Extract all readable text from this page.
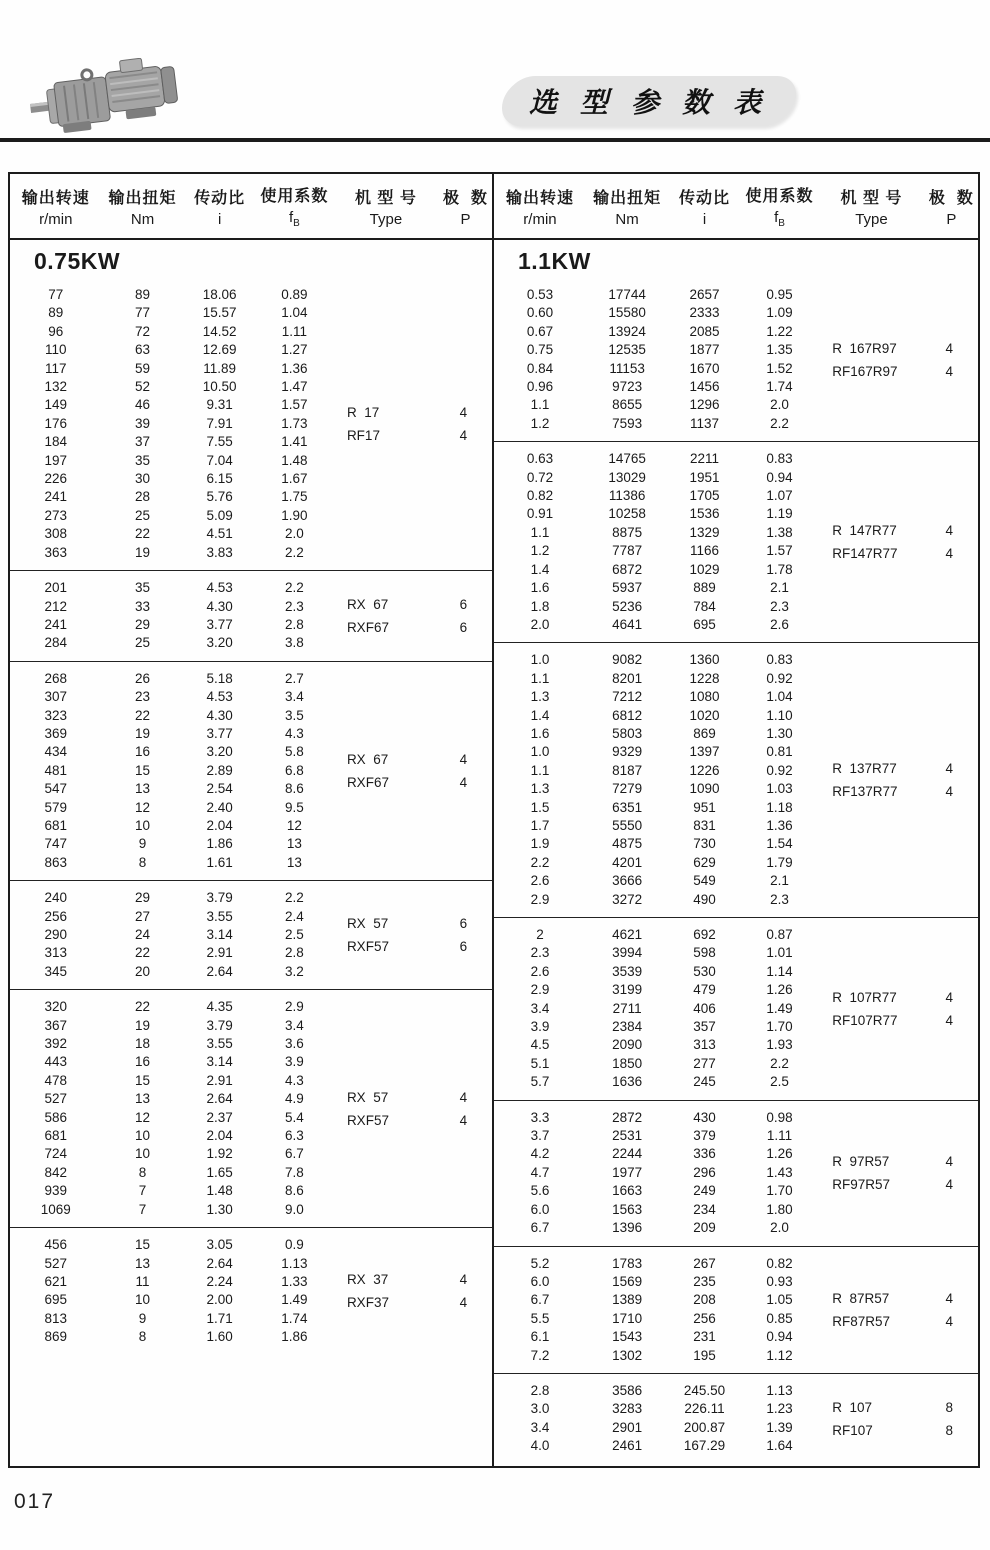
选 型 参 数 表
输出转速
r/min
输出扭矩
Nm
传动比
i
使用系数
$f_B$
机 型 号
Type
极  数
P
输出转速
r/min
输出扭矩
Nm
传动比
i
使用系数
$f_B$
机 型 号
Type
极  数
P
0.75KW
77	89	18.06	0.89
89	77	15.57	1.04
96	72	14.52	1.11
110	63	12.69	1.27
117	59	11.89	1.36
132	52	10.50	1.47
149	46	9.31	1.57
176	39	7.91	1.73
184	37	7.55	1.41
197	35	7.04	1.48
226	30	6.15	1.67
241	28	5.76	1.75
273	25	5.09	1.90
308	22	4.51	2.0
363	19	3.83	2.2
R  17	4
RF17	4
201	35	4.53	2.2
212	33	4.30	2.3
241	29	3.77	2.8
284	25	3.20	3.8
RX  67	6
RXF67	6
268	26	5.18	2.7
307	23	4.53	3.4
323	22	4.30	3.5
369	19	3.77	4.3
434	16	3.20	5.8
481	15	2.89	6.8
547	13	2.54	8.6
579	12	2.40	9.5
681	10	2.04	12
747	9	1.86	13
863	8	1.61	13
RX  67	4
RXF67	4
240	29	3.79	2.2
256	27	3.55	2.4
290	24	3.14	2.5
313	22	2.91	2.8
345	20	2.64	3.2
RX  57	6
RXF57	6
320	22	4.35	2.9
367	19	3.79	3.4
392	18	3.55	3.6
443	16	3.14	3.9
478	15	2.91	4.3
527	13	2.64	4.9
586	12	2.37	5.4
681	10	2.04	6.3
724	10	1.92	6.7
842	8	1.65	7.8
939	7	1.48	8.6
1069	7	1.30	9.0
RX  57	4
RXF57	4
456	15	3.05	0.9
527	13	2.64	1.13
621	11	2.24	1.33
695	10	2.00	1.49
813	9	1.71	1.74
869	8	1.60	1.86
RX  37	4
RXF37	4
1.1KW
0.53	17744	2657	0.95
0.60	15580	2333	1.09
0.67	13924	2085	1.22
0.75	12535	1877	1.35
0.84	11153	1670	1.52
0.96	9723	1456	1.74
1.1	8655	1296	2.0
1.2	7593	1137	2.2
R  167R97	4
RF167R97	4
0.63	14765	2211	0.83
0.72	13029	1951	0.94
0.82	11386	1705	1.07
0.91	10258	1536	1.19
1.1	8875	1329	1.38
1.2	7787	1166	1.57
1.4	6872	1029	1.78
1.6	5937	889	2.1
1.8	5236	784	2.3
2.0	4641	695	2.6
R  147R77	4
RF147R77	4
1.0	9082	1360	0.83
1.1	8201	1228	0.92
1.3	7212	1080	1.04
1.4	6812	1020	1.10
1.6	5803	869	1.30
1.0	9329	1397	0.81
1.1	8187	1226	0.92
1.3	7279	1090	1.03
1.5	6351	951	1.18
1.7	5550	831	1.36
1.9	4875	730	1.54
2.2	4201	629	1.79
2.6	3666	549	2.1
2.9	3272	490	2.3
R  137R77	4
RF137R77	4
2	4621	692	0.87
2.3	3994	598	1.01
2.6	3539	530	1.14
2.9	3199	479	1.26
3.4	2711	406	1.49
3.9	2384	357	1.70
4.5	2090	313	1.93
5.1	1850	277	2.2
5.7	1636	245	2.5
R  107R77	4
RF107R77	4
3.3	2872	430	0.98
3.7	2531	379	1.11
4.2	2244	336	1.26
4.7	1977	296	1.43
5.6	1663	249	1.70
6.0	1563	234	1.80
6.7	1396	209	2.0
R  97R57	4
RF97R57	4
5.2	1783	267	0.82
6.0	1569	235	0.93
6.7	1389	208	1.05
5.5	1710	256	0.85
6.1	1543	231	0.94
7.2	1302	195	1.12
R  87R57	4
RF87R57	4
2.8	3586	245.50	1.13
3.0	3283	226.11	1.23
3.4	2901	200.87	1.39
4.0	2461	167.29	1.64
R  107	8
RF107	8
017
